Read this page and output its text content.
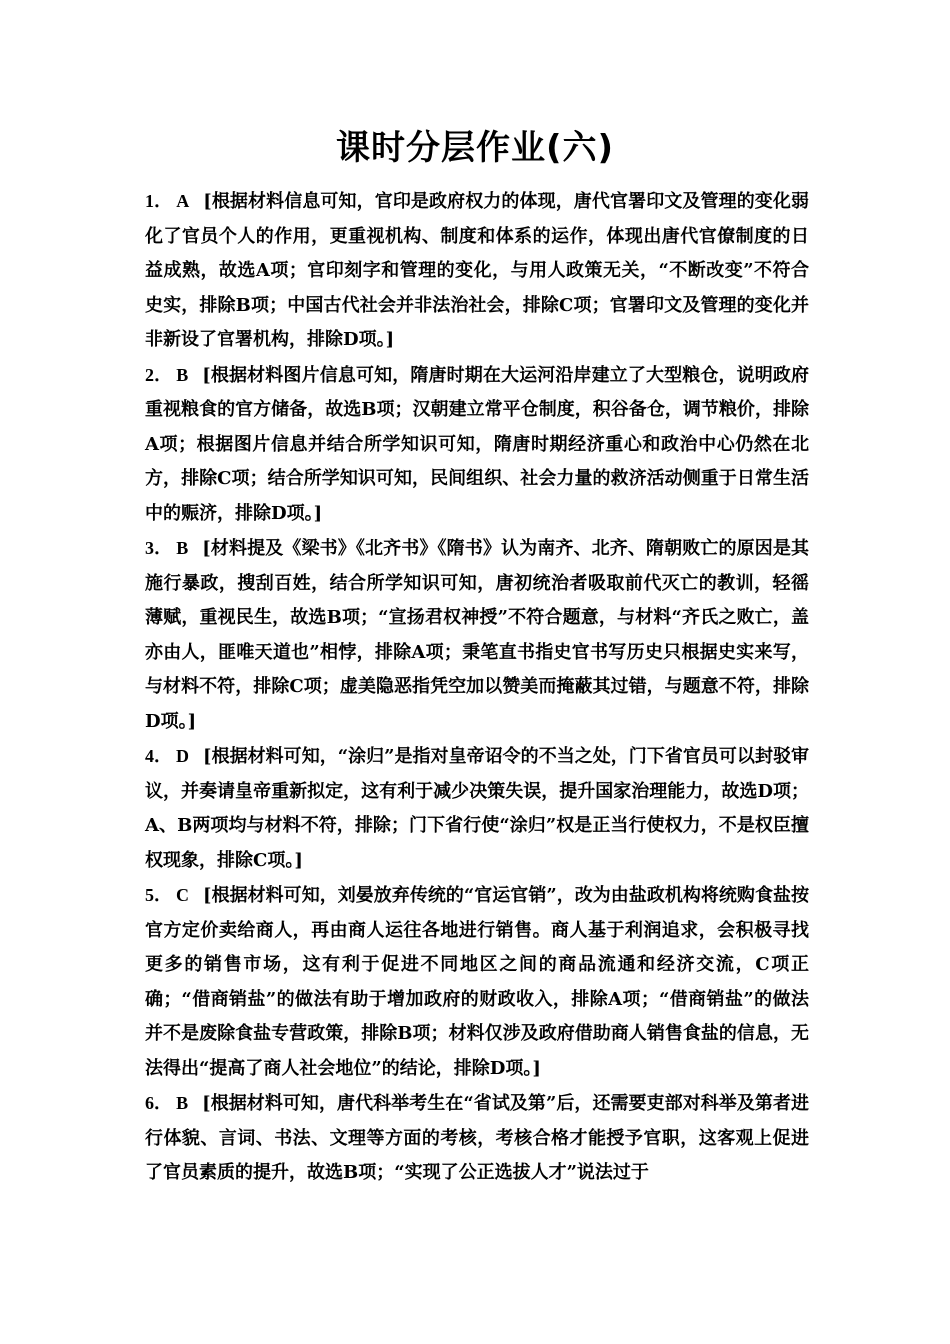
课时分层作业(六)

1． A [根据材料信息可知，官印是政府权力的体现，唐代官署印文及管理的变化弱化了官员个人的作用，更重视机构、制度和体系的运作，体现出唐代官僚制度的日益成熟，故选A项；官印刻字和管理的变化，与用人政策无关，“不断改变”不符合史实，排除B项；中国古代社会并非法治社会，排除C项；官署印文及管理的变化并非新设了官署机构，排除D项。]

2． B [根据材料图片信息可知，隋唐时期在大运河沿岸建立了大型粮仓，说明政府重视粮食的官方储备，故选B项；汉朝建立常平仓制度，积谷备仓，调节粮价，排除A项；根据图片信息并结合所学知识可知，隋唐时期经济重心和政治中心仍然在北方，排除C项；结合所学知识可知，民间组织、社会力量的救济活动侧重于日常生活中的赈济，排除D项。]

3． B [材料提及《梁书》《北齐书》《隋书》认为南齐、北齐、隋朝败亡的原因是其施行暴政，搜刮百姓，结合所学知识可知，唐初统治者吸取前代灭亡的教训，轻徭薄赋，重视民生，故选B项；“宣扬君权神授”不符合题意，与材料“齐氏之败亡，盖亦由人，匪唯天道也”相悖，排除A项；秉笔直书指史官书写历史只根据史实来写，与材料不符，排除C项；虚美隐恶指凭空加以赞美而掩蔽其过错，与题意不符，排除D项。]

4． D [根据材料可知，“涂归”是指对皇帝诏令的不当之处，门下省官员可以封驳审议，并奏请皇帝重新拟定，这有利于减少决策失误，提升国家治理能力，故选D项；A、B两项均与材料不符，排除；门下省行使“涂归”权是正当行使权力，不是权臣擅权现象，排除C项。]

5． C [根据材料可知，刘晏放弃传统的“官运官销”，改为由盐政机构将统购食盐按官方定价卖给商人，再由商人运往各地进行销售。商人基于利润追求，会积极寻找更多的销售市场，这有利于促进不同地区之间的商品流通和经济交流，C项正确；“借商销盐”的做法有助于增加政府的财政收入，排除A项；“借商销盐”的做法并不是废除食盐专营政策，排除B项；材料仅涉及政府借助商人销售食盐的信息，无法得出“提高了商人社会地位”的结论，排除D项。]

6． B [根据材料可知，唐代科举考生在“省试及第”后，还需要吏部对科举及第者进行体貌、言词、书法、文理等方面的考核，考核合格才能授予官职，这客观上促进了官员素质的提升，故选B项；“实现了公正选拔人才”说法过于
